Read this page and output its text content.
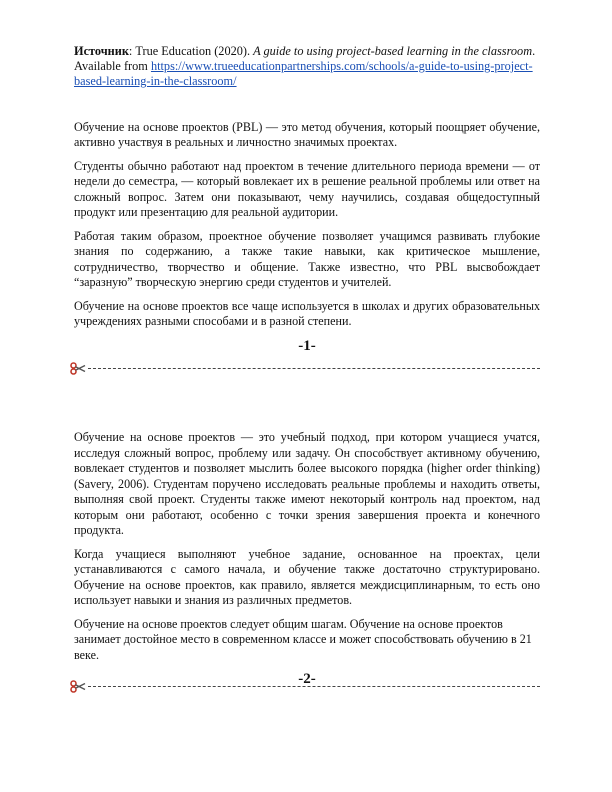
Источник: True Education (2020). A guide to using project-based learning in the classroom.
Available from https://www.trueeducationpartnerships.com/schools/a-guide-to-using-project-
based-learning-in-the-classroom/

Обучение на основе проектов (PBL) — это метод обучения, который поощряет обучение, активно участвуя в реальных и личностно значимых проектах.

Студенты обычно работают над проектом в течение длительного периода времени — от недели до семестра, — который вовлекает их в решение реальной проблемы или ответ на сложный вопрос. Затем они показывают, чему научились, создавая общедоступный продукт или презентацию для реальной аудитории.

Работая таким образом, проектное обучение позволяет учащимся развивать глубокие знания по содержанию, а также такие навыки, как критическое мышление, сотрудничество, творчество и общение. Также известно, что PBL высвобождает “заразную” творческую энергию среди студентов и учителей.

Обучение на основе проектов все чаще используется в школах и других образовательных учреждениях разными способами и в разной степени.

-1-

Обучение на основе проектов — это учебный подход, при котором учащиеся учатся, исследуя сложный вопрос, проблему или задачу. Он способствует активному обучению, вовлекает студентов и позволяет мыслить более высокого порядка (higher order thinking) (Savery, 2006). Студентам поручено исследовать реальные проблемы и находить ответы, выполняя свой проект. Студенты также имеют некоторый контроль над проектом, над которым они работают, особенно с точки зрения завершения проекта и конечного продукта.

Когда учащиеся выполняют учебное задание, основанное на проектах, цели устанавливаются с самого начала, и обучение также достаточно структурировано. Обучение на основе проектов, как правило, является междисциплинарным, то есть оно использует навыки и знания из различных предметов.

Обучение на основе проектов следует общим шагам. Обучение на основе проектов
занимает достойное место в современном классе и может способствовать обучению в 21
веке.

-2-
